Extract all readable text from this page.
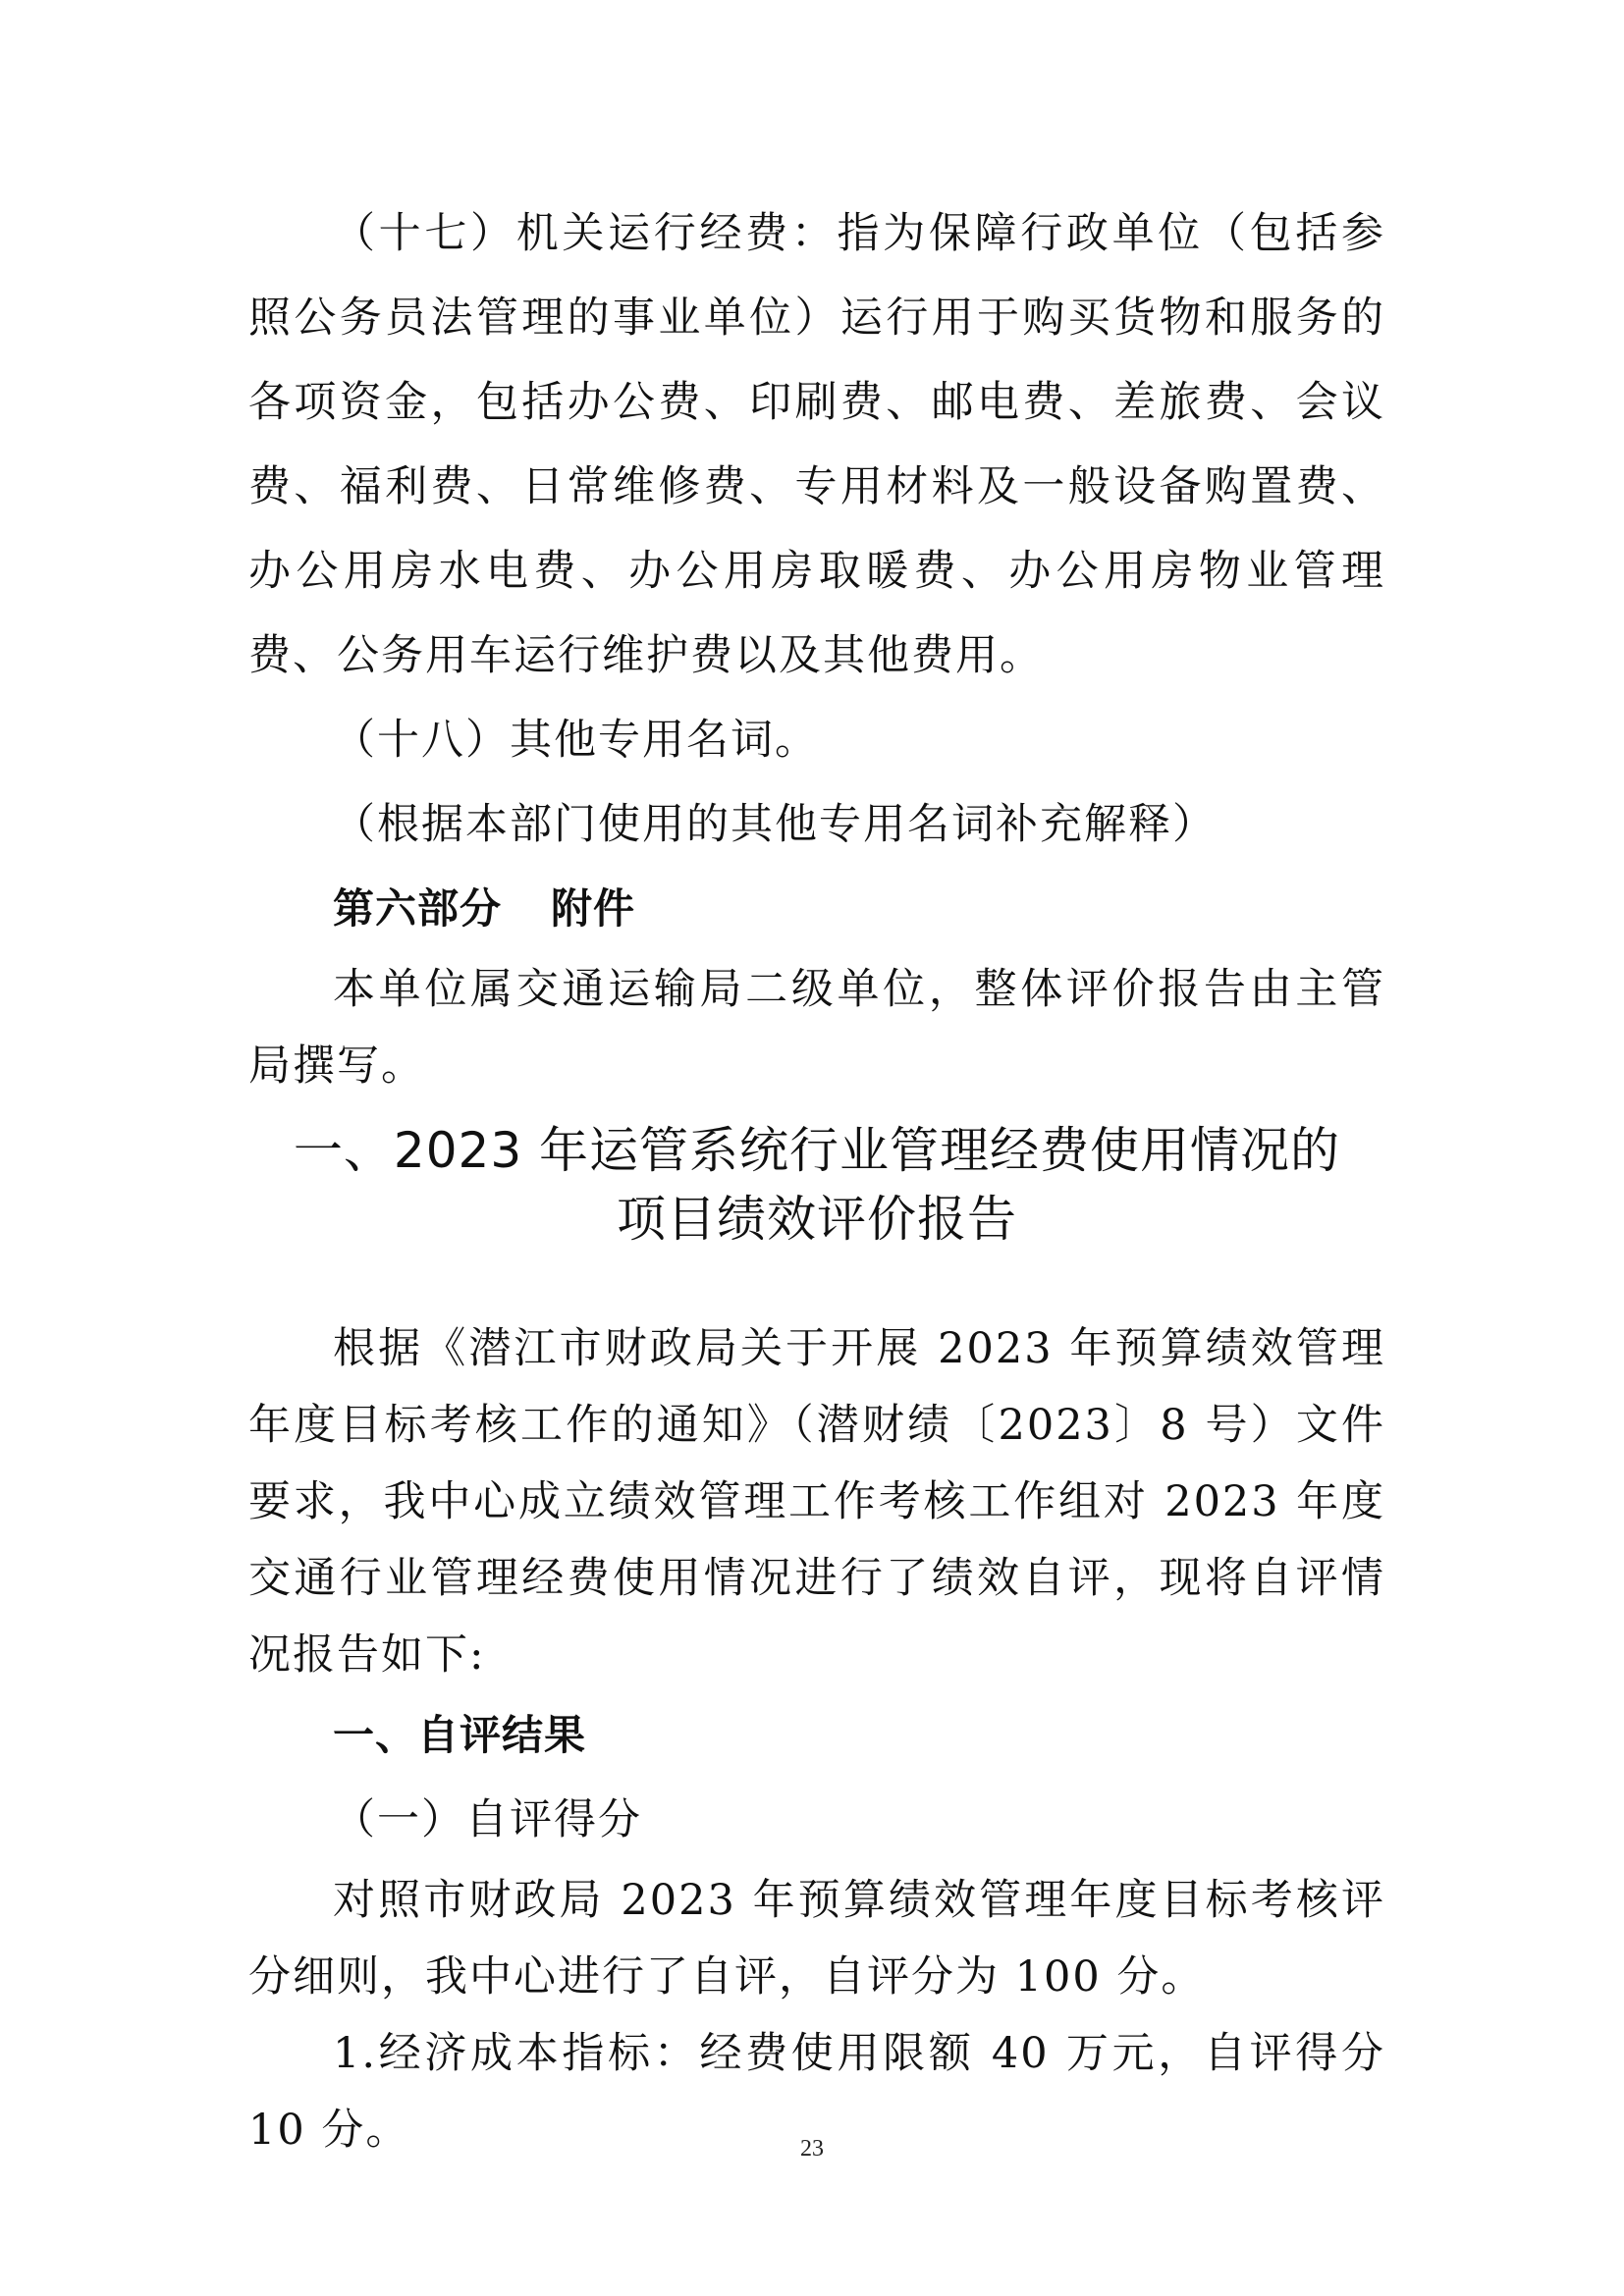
（十七）机关运行经费：指为保障行政单位（包括参照公务员法管理的事业单位）运行用于购买货物和服务的各项资金，包括办公费、印刷费、邮电费、差旅费、会议费、福利费、日常维修费、专用材料及一般设备购置费、办公用房水电费、办公用房取暖费、办公用房物业管理费、公务用车运行维护费以及其他费用。

（十八）其他专用名词。

（根据本部门使用的其他专用名词补充解释）

第六部分 附件

本单位属交通运输局二级单位，整体评价报告由主管局撰写。

一、2023 年运管系统行业管理经费使用情况的
项目绩效评价报告

根据《潜江市财政局关于开展 2023 年预算绩效管理年度目标考核工作的通知》（潜财绩〔2023〕8 号）文件要求，我中心成立绩效管理工作考核工作组对 2023 年度交通行业管理经费使用情况进行了绩效自评，现将自评情况报告如下:

一、自评结果

（一）自评得分

对照市财政局 2023 年预算绩效管理年度目标考核评分细则，我中心进行了自评，自评分为 100 分。

1.经济成本指标：经费使用限额 40 万元，自评得分 10 分。	23
